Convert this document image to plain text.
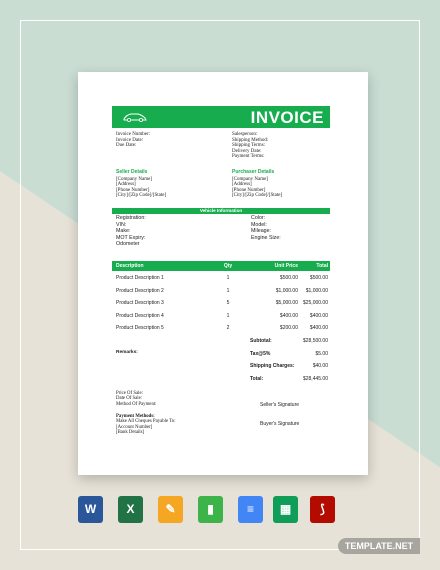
INVOICE
Invoice Number:
Invoice Date:
Due Date:
Salesperson:
Shipping Method:
Shipping Terms:
Delivery Date:
Payment Terms:
Seller Details
[Company Name]
[Address]
[Phone Number]
[City]/[Zip Code]/[State]
Purchaser Details
[Company Name]
[Address]
[Phone Number]
[City]/[Zip Code]/[State]
Vehicle Information
Registration:
VIN:
Make:
MOT Expiry:
Odometer
Color:
Model:
Mileage:
Engine Size:
Description	Qty	Unit Price	Total
Product Description 1	1	$500.00	$500.00
Product Description 2	1	$1,000.00	$1,000.00
Product Description 3	5	$5,000.00 $25,000.00
Product Description 4	1	$400.00	$400.00
Product Description 5	2	$200.00	$400.00
Subtotal:	$28,500.00
Tax@5%	$5.00
Shipping Charges:	$40.00
Total:	$28,445.00
Remarks:
Price Of Sale:
Date Of Sale:
Method Of Payment:	Seller's Signature
Payment Methods:
Make All Cheques Payable To:
[Account Number]
[Bank Details]
Buyer's Signature
W	X	✎	▮	≡	▦	⟆
TEMPLATE.NET
